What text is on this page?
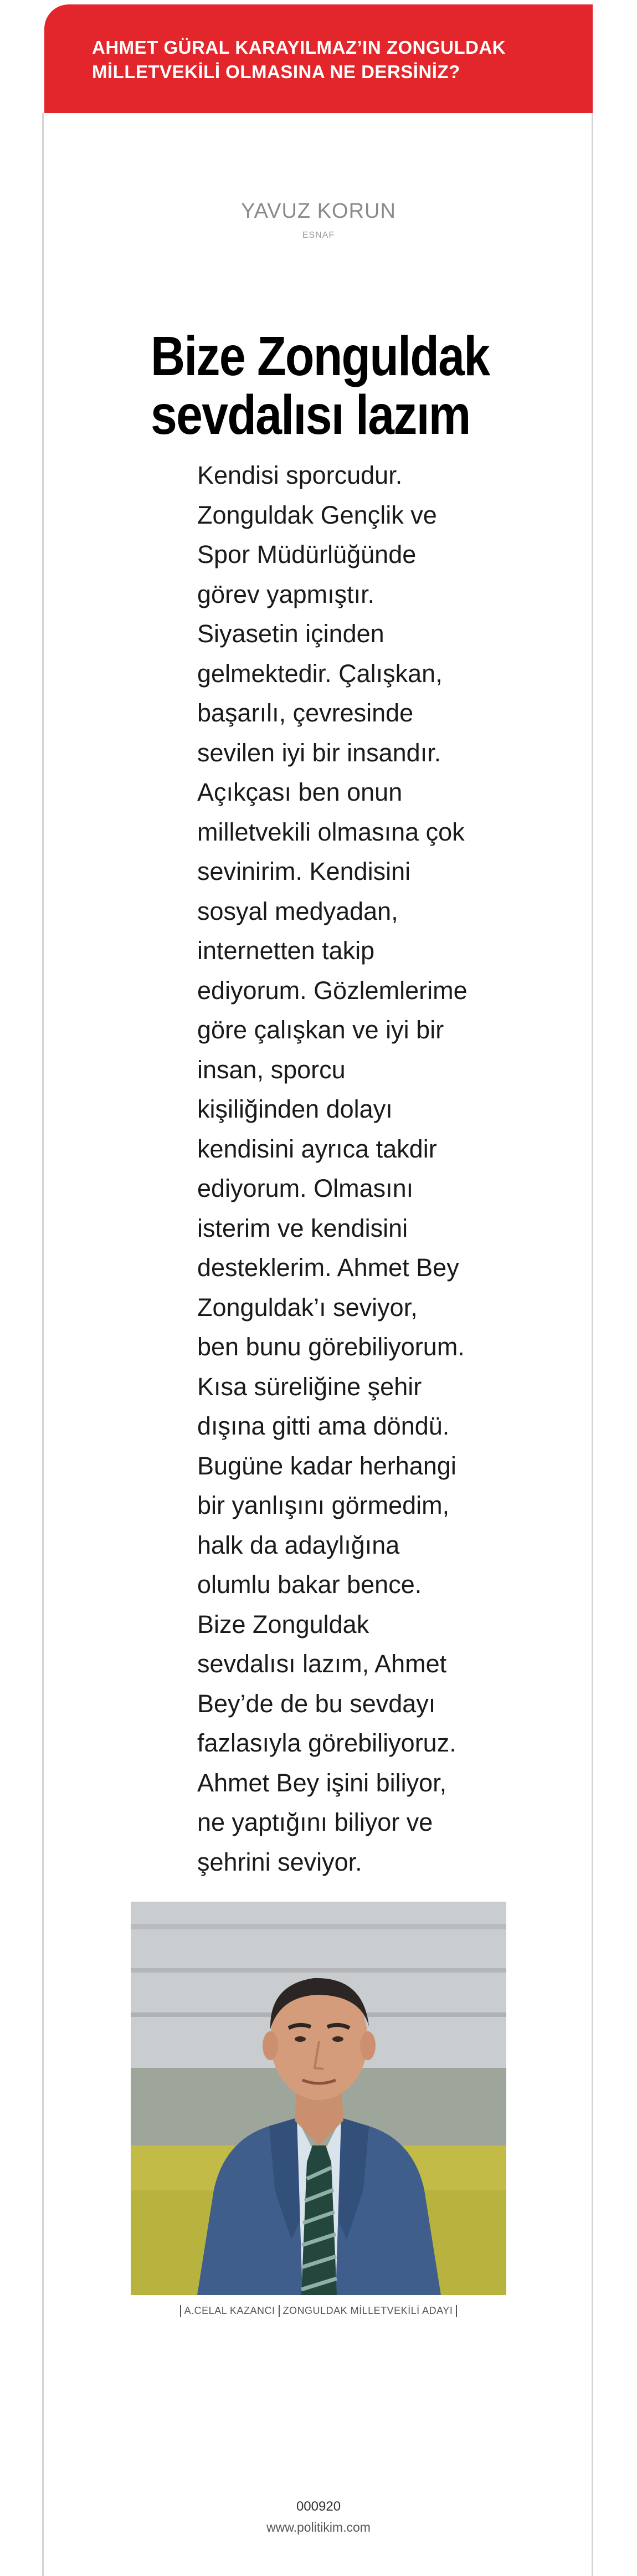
AHMET GÜRAL KARAYILMAZ’IN ZONGULDAK
MİLLETVEKİLİ OLMASINA NE DERSİNİZ?
YAVUZ KORUN
ESNAF
Bize Zonguldak
sevdalısı lazım
Kendisi sporcudur.
Zonguldak Gençlik ve
Spor Müdürlüğünde
görev yapmıştır.
Siyasetin içinden
gelmektedir. Çalışkan,
başarılı, çevresinde
sevilen iyi bir insandır.
Açıkçası ben onun
milletvekili olmasına çok
sevinirim. Kendisini
sosyal medyadan,
internetten takip
ediyorum. Gözlemlerime
göre çalışkan ve iyi bir
insan, sporcu
kişiliğinden dolayı
kendisini ayrıca takdir
ediyorum. Olmasını
isterim ve kendisini
desteklerim. Ahmet Bey
Zonguldak’ı seviyor,
ben bunu görebiliyorum.
Kısa süreliğine şehir
dışına gitti ama döndü.
Bugüne kadar herhangi
bir yanlışını görmedim,
halk da adaylığına
olumlu bakar bence.
Bize Zonguldak
sevdalısı lazım, Ahmet
Bey’de de bu sevdayı
fazlasıyla görebiliyoruz.
Ahmet Bey işini biliyor,
ne yaptığını biliyor ve
şehrini seviyor.
A.CELAL KAZANCI ZONGULDAK MİLLETVEKİLİ ADAYI
000920
www.politikim.com
